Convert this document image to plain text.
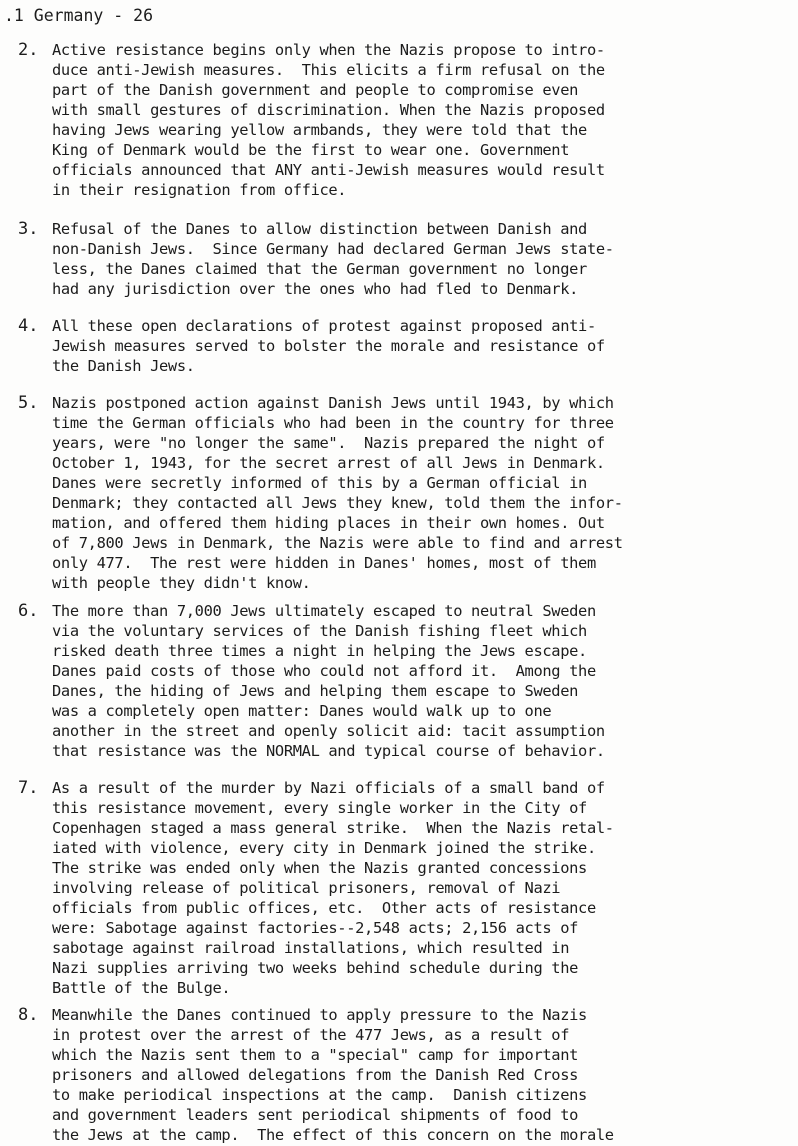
.1 Germany - 26
2. Active resistance begins only when the Nazis propose to intro-
duce anti-Jewish measures.  This elicits a firm refusal on the
part of the Danish government and people to compromise even
with small gestures of discrimination. When the Nazis proposed
having Jews wearing yellow armbands, they were told that the
King of Denmark would be the first to wear one. Government
officials announced that ANY anti-Jewish measures would result
in their resignation from office.
3. Refusal of the Danes to allow distinction between Danish and
non-Danish Jews.  Since Germany had declared German Jews state-
less, the Danes claimed that the German government no longer
had any jurisdiction over the ones who had fled to Denmark.
4. All these open declarations of protest against proposed anti-
Jewish measures served to bolster the morale and resistance of
the Danish Jews.
5. Nazis postponed action against Danish Jews until 1943, by which
time the German officials who had been in the country for three
years, were "no longer the same".  Nazis prepared the night of
October 1, 1943, for the secret arrest of all Jews in Denmark.
Danes were secretly informed of this by a German official in
Denmark; they contacted all Jews they knew, told them the infor-
mation, and offered them hiding places in their own homes. Out
of 7,800 Jews in Denmark, the Nazis were able to find and arrest
only 477.  The rest were hidden in Danes' homes, most of them
with people they didn't know.
6. The more than 7,000 Jews ultimately escaped to neutral Sweden
via the voluntary services of the Danish fishing fleet which
risked death three times a night in helping the Jews escape.
Danes paid costs of those who could not afford it.  Among the
Danes, the hiding of Jews and helping them escape to Sweden
was a completely open matter: Danes would walk up to one
another in the street and openly solicit aid: tacit assumption
that resistance was the NORMAL and typical course of behavior.
7. As a result of the murder by Nazi officials of a small band of
this resistance movement, every single worker in the City of
Copenhagen staged a mass general strike.  When the Nazis retal-
iated with violence, every city in Denmark joined the strike.
The strike was ended only when the Nazis granted concessions
involving release of political prisoners, removal of Nazi
officials from public offices, etc.  Other acts of resistance
were: Sabotage against factories--2,548 acts; 2,156 acts of
sabotage against railroad installations, which resulted in
Nazi supplies arriving two weeks behind schedule during the
Battle of the Bulge.
8. Meanwhile the Danes continued to apply pressure to the Nazis
in protest over the arrest of the 477 Jews, as a result of
which the Nazis sent them to a "special" camp for important
prisoners and allowed delegations from the Danish Red Cross
to make periodical inspections at the camp.  Danish citizens
and government leaders sent periodical shipments of food to
the Jews at the camp.  The effect of this concern on the morale
